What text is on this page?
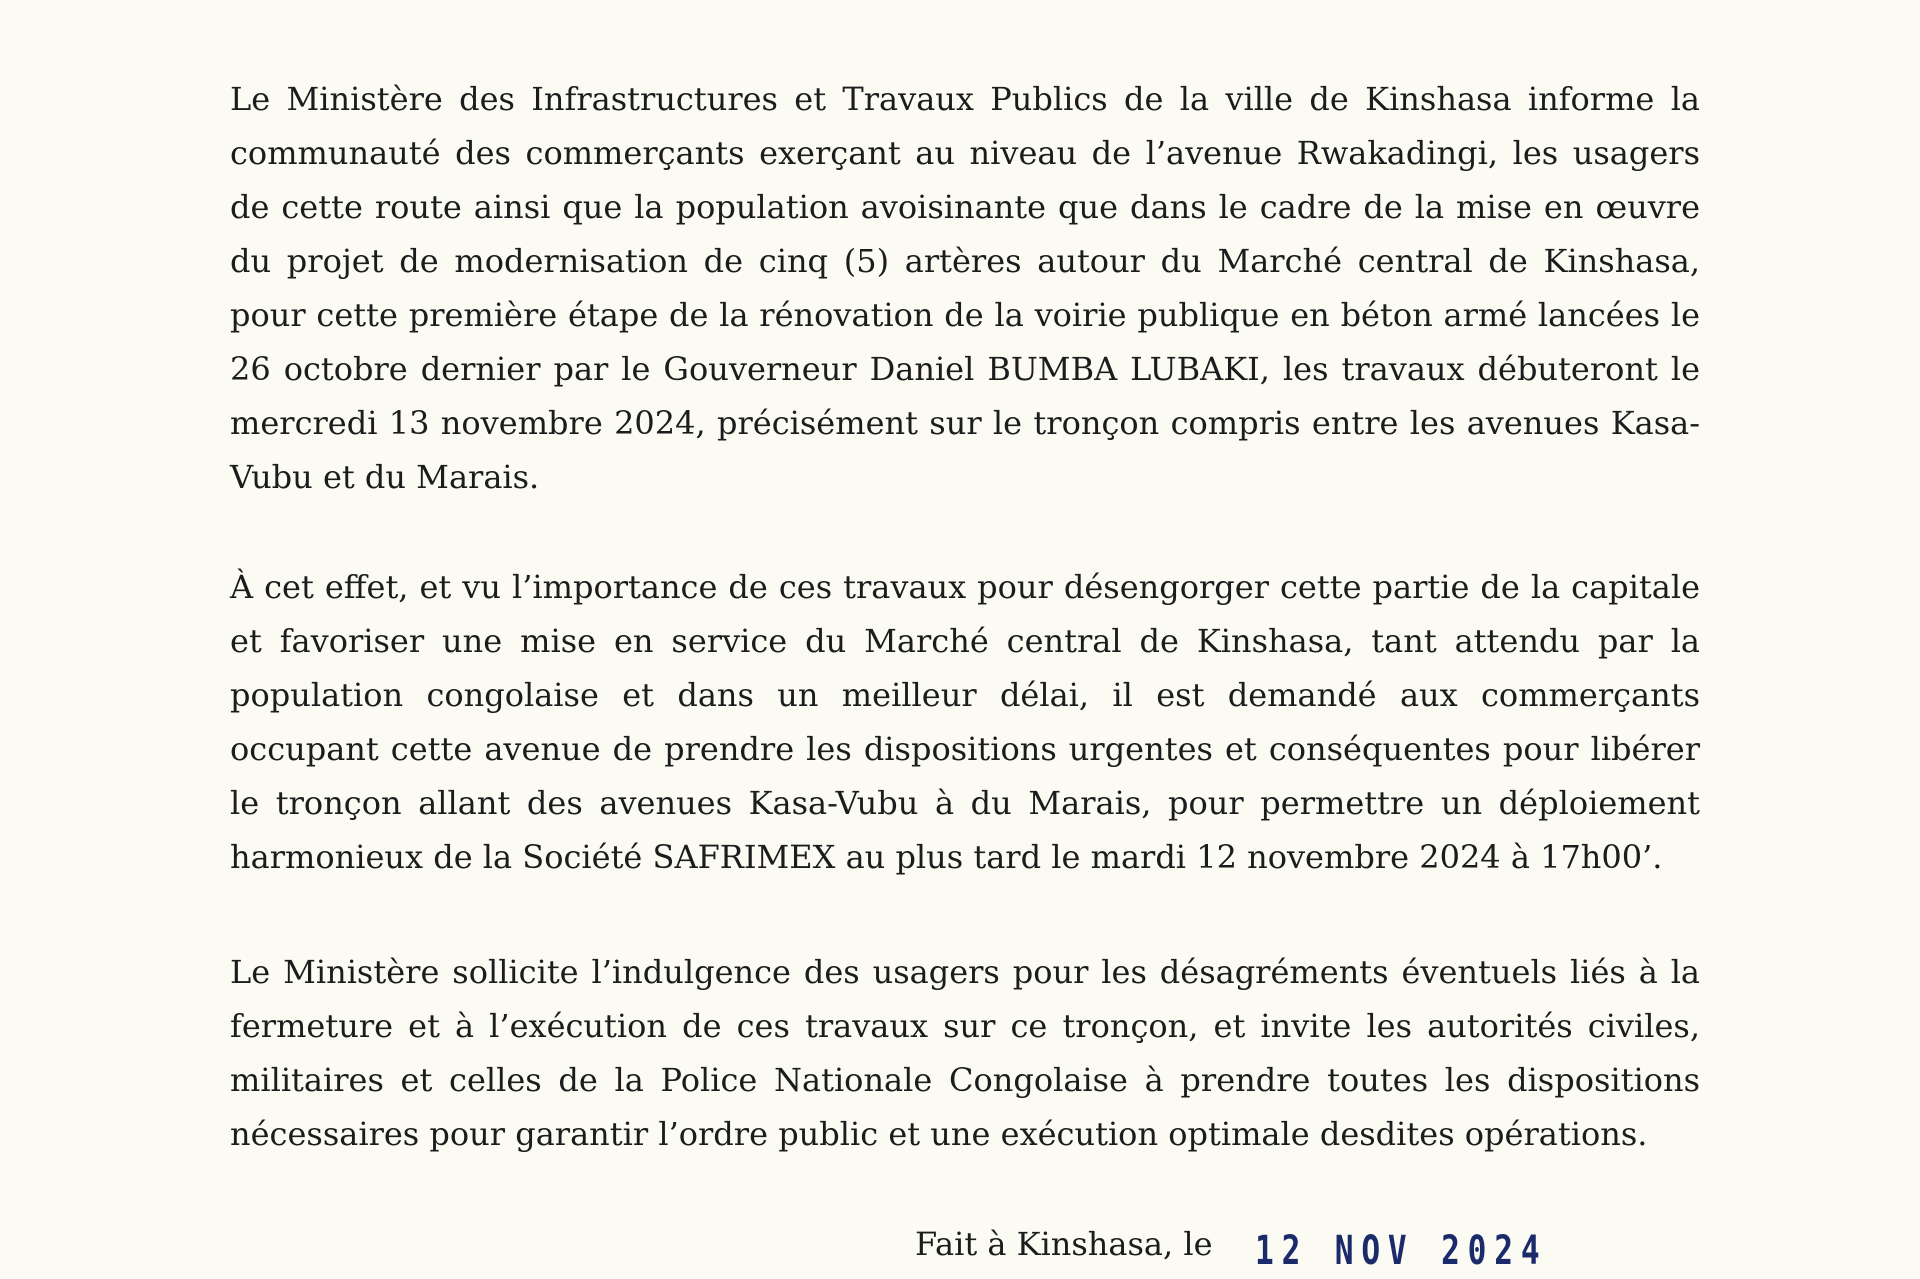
Le Ministère des Infrastructures et Travaux Publics de la ville de Kinshasa informe la communauté des commerçants exerçant au niveau de l’avenue Rwakadingi, les usagers de cette route ainsi que la population avoisinante que dans le cadre de la mise en œuvre du projet de modernisation de cinq (5) artères autour du Marché central de Kinshasa, pour cette première étape de la rénovation de la voirie publique en béton armé lancées le 26 octobre dernier par le Gouverneur Daniel BUMBA LUBAKI, les travaux débuteront le mercredi 13 novembre 2024, précisément sur le tronçon compris entre les avenues Kasa-Vubu et du Marais.

À cet effet, et vu l’importance de ces travaux pour désengorger cette partie de la capitale et favoriser une mise en service du Marché central de Kinshasa, tant attendu par la population congolaise et dans un meilleur délai, il est demandé aux commerçants occupant cette avenue de prendre les dispositions urgentes et conséquentes pour libérer le tronçon allant des avenues Kasa-Vubu à du Marais, pour permettre un déploiement harmonieux de la Société SAFRIMEX au plus tard le mardi 12 novembre 2024 à 17h00’.

Le Ministère sollicite l’indulgence des usagers pour les désagréments éventuels liés à la fermeture et à l’exécution de ces travaux sur ce tronçon, et invite les autorités civiles, militaires et celles de la Police Nationale Congolaise à prendre toutes les dispositions nécessaires pour garantir l’ordre public et une exécution optimale desdites opérations.

Fait à Kinshasa, le 12 NOV 2024
